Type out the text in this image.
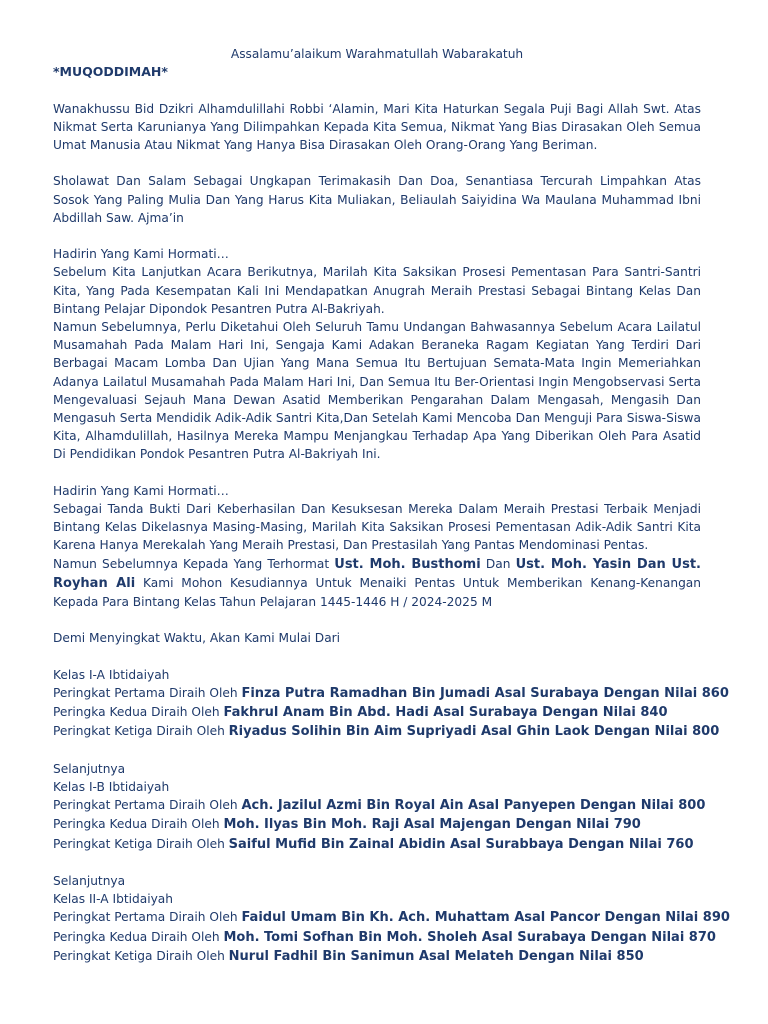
Assalamu’alaikum Warahmatullah Wabarakatuh

*MUQODDIMAH*

Wanakhussu Bid Dzikri Alhamdulillahi Robbi ‘Alamin, Mari Kita Haturkan Segala Puji Bagi Allah Swt. Atas Nikmat Serta Karunianya Yang Dilimpahkan Kepada Kita Semua, Nikmat Yang Bias Dirasakan Oleh Semua Umat Manusia Atau Nikmat Yang Hanya Bisa Dirasakan Oleh Orang-Orang Yang Beriman.

Sholawat Dan Salam Sebagai Ungkapan Terimakasih Dan Doa, Senantiasa Tercurah Limpahkan Atas Sosok Yang Paling Mulia Dan Yang Harus Kita Muliakan, Beliaulah Saiyidina Wa Maulana Muhammad Ibni Abdillah Saw. Ajma’in

Hadirin Yang Kami Hormati…

Sebelum Kita Lanjutkan Acara Berikutnya, Marilah Kita Saksikan Prosesi Pementasan Para Santri-Santri Kita, Yang Pada Kesempatan Kali Ini Mendapatkan Anugrah Meraih Prestasi Sebagai Bintang Kelas Dan Bintang Pelajar Dipondok Pesantren Putra Al-Bakriyah.

Namun Sebelumnya, Perlu Diketahui Oleh Seluruh Tamu Undangan Bahwasannya Sebelum Acara Lailatul Musamahah Pada Malam Hari Ini, Sengaja Kami Adakan Beraneka Ragam Kegiatan Yang Terdiri Dari Berbagai Macam Lomba Dan Ujian Yang Mana Semua Itu Bertujuan Semata-Mata Ingin Memeriahkan Adanya Lailatul Musamahah Pada Malam Hari Ini, Dan Semua Itu Ber-Orientasi Ingin Mengobservasi Serta Mengevaluasi Sejauh Mana Dewan Asatid Memberikan Pengarahan Dalam Mengasah, Mengasih Dan Mengasuh Serta Mendidik Adik-Adik Santri Kita,Dan Setelah Kami Mencoba Dan Menguji Para Siswa-Siswa Kita, Alhamdulillah, Hasilnya Mereka Mampu Menjangkau Terhadap Apa Yang Diberikan Oleh Para Asatid Di Pendidikan Pondok Pesantren Putra Al-Bakriyah Ini.

Hadirin Yang Kami Hormati…

Sebagai Tanda Bukti Dari Keberhasilan Dan Kesuksesan Mereka Dalam Meraih Prestasi Terbaik Menjadi Bintang Kelas Dikelasnya Masing-Masing, Marilah Kita Saksikan Prosesi Pementasan Adik-Adik Santri Kita Karena Hanya Merekalah Yang Meraih Prestasi, Dan Prestasilah Yang Pantas Mendominasi Pentas.

Namun Sebelumnya Kepada Yang Terhormat Ust. Moh. Busthomi Dan Ust. Moh. Yasin Dan Ust. Royhan Ali Kami Mohon Kesudiannya Untuk Menaiki Pentas Untuk Memberikan Kenang-Kenangan Kepada Para Bintang Kelas Tahun Pelajaran 1445-1446 H / 2024-2025 M

Demi Menyingkat Waktu, Akan Kami Mulai Dari

Kelas I-A Ibtidaiyah

Peringkat Pertama Diraih Oleh Finza Putra Ramadhan Bin Jumadi Asal Surabaya Dengan Nilai 860

Peringka Kedua Diraih Oleh Fakhrul Anam Bin Abd. Hadi Asal Surabaya Dengan Nilai 840

Peringkat Ketiga Diraih Oleh Riyadus Solihin Bin Aim Supriyadi Asal Ghin Laok Dengan Nilai 800

Selanjutnya

Kelas I-B Ibtidaiyah

Peringkat Pertama Diraih Oleh Ach. Jazilul Azmi Bin Royal Ain Asal Panyepen Dengan Nilai 800

Peringka Kedua Diraih Oleh Moh. Ilyas Bin Moh. Raji Asal Majengan Dengan Nilai 790

Peringkat Ketiga Diraih Oleh Saiful Mufid Bin Zainal Abidin Asal Surabbaya Dengan Nilai 760

Selanjutnya

Kelas II-A Ibtidaiyah

Peringkat Pertama Diraih Oleh Faidul Umam Bin Kh. Ach. Muhattam Asal Pancor Dengan Nilai 890

Peringka Kedua Diraih Oleh Moh. Tomi Sofhan Bin Moh. Sholeh Asal Surabaya Dengan Nilai 870

Peringkat Ketiga Diraih Oleh Nurul Fadhil Bin Sanimun Asal Melateh Dengan Nilai 850
